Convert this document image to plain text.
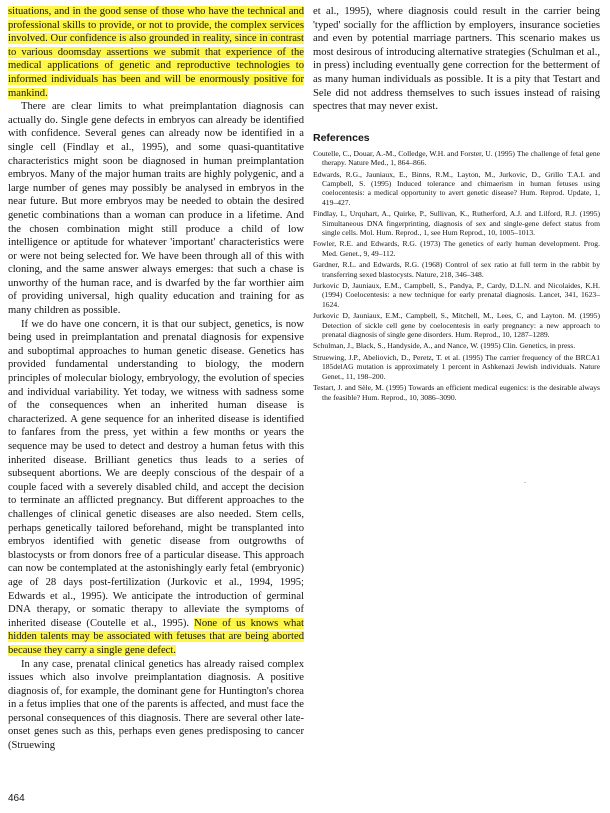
situations, and in the good sense of those who have the technical and professional skills to provide, or not to provide, the complex services involved. Our confidence is also grounded in reality, since in contrast to various doomsday assertions we submit that experience of the medical applications of genetic and reproductive technologies to informed individuals has been and will be enormously positive for mankind.

There are clear limits to what preimplantation diagnosis can actually do. Single gene defects in embryos can already be identified with confidence. Several genes can already now be identified in a single cell (Findlay et al., 1995), and some quasi-quantitative characteristics might soon be diagnosed in human preimplantation embryos. Many of the major human traits are highly polygenic, and a large number of genes may possibly be analysed in embryos in the near future. But more embryos may be needed to obtain the desired genetic combinations than a woman can produce in a lifetime. And the chosen combination might still produce a child of low intelligence or aptitude for whatever 'important' characteristics were or were not being selected for. We have been through all of this with cloning, and the same answer always emerges: that such a chase is unworthy of the human race, and is dwarfed by the far worthier aim of providing universal, high quality education and training for as many children as possible.

If we do have one concern, it is that our subject, genetics, is now being used in preimplantation and prenatal diagnosis for expensive and suboptimal approaches to human genetic disease. Genetics has provided fundamental understanding to biology, the modern principles of molecular biology, embryology, the evolution of species and individual variability. Yet today, we witness with sadness some of the consequences when an inherited human disease is characterized. A gene sequence for an inherited disease is identified to fanfares from the press, yet within a few months or years the sequence may be used to detect and destroy a human fetus with this inherited disease. Brilliant genetics thus leads to a series of subsequent abortions. We are deeply conscious of the despair of a couple faced with a severely disabled child, and accept the decision to terminate an afflicted pregnancy. But different approaches to the challenges of clinical genetic diseases are also needed. Stem cells, perhaps genetically tailored beforehand, might be transplanted into embryos identified with genetic disease from outgrowths of blastocysts or from donors free of a particular disease. This approach can now be contemplated at the astonishingly early fetal (embryonic) age of 28 days post-fertilization (Jurkovic et al., 1994, 1995; Edwards et al., 1995). We anticipate the introduction of germinal DNA therapy, or somatic therapy to alleviate the symptoms of inherited disease (Coutelle et al., 1995). None of us knows what hidden talents may be associated with fetuses that are being aborted because they carry a single gene defect.

In any case, prenatal clinical genetics has already raised complex issues which also involve preimplantation diagnosis. A positive diagnosis of, for example, the dominant gene for Huntington's chorea in a fetus implies that one of the parents is affected, and must face the personal consequences of this diagnosis. There are several other late-onset genes such as this, perhaps even genes predisposing to cancer (Struewing

et al., 1995), where diagnosis could result in the carrier being 'typed' socially for the affliction by employers, insurance societies and even by potential marriage partners. This scenario makes us most desirous of introducing alternative strategies (Schulman et al., in press) including eventually gene correction for the betterment of as many human individuals as possible. It is a pity that Testart and Sele did not address themselves to such issues instead of raising spectres that may never exist.

References

Coutelle, C., Douar, A.-M., Colledge, W.H. and Forster, U. (1995) The challenge of fetal gene therapy. Nature Med., 1, 864–866.

Edwards, R.G., Jauniaux, E., Binns, R.M., Layton, M., Jurkovic, D., Grillo T.A.I. and Campbell, S. (1995) Induced tolerance and chimaerism in human fetuses using coelocentesis: a medical opportunity to avert genetic disease? Hum. Reprod. Update, 1, 419–427.

Findlay, I., Urquhart, A., Quirke, P., Sullivan, K., Rutherford, A.J. and Lilford, R.J. (1995) Simultaneous DNA fingerprinting, diagnosis of sex and single-gene defect status from single cells. Mol. Hum. Reprod., 1, see Hum Reprod., 10, 1005–1013.

Fowler, R.E. and Edwards, R.G. (1973) The genetics of early human development. Prog. Med. Genet., 9, 49–112.

Gardner, R.L. and Edwards, R.G. (1968) Control of sex ratio at full term in the rabbit by transferring sexed blastocysts. Nature, 218, 346–348.

Jurkovic D, Jauniaux, E.M., Campbell, S., Pandya, P., Cardy, D.L.N. and Nicolaides, K.H. (1994) Coelocentesis: a new technique for early prenatal diagnosis. Lancet, 341, 1623–1624.

Jurkovic D, Jauniaux, E.M., Campbell, S., Mitchell, M., Lees, C, and Layton. M. (1995) Detection of sickle cell gene by coelocentesis in early pregnancy: a new approach to prenatal diagnosis of single gene disorders. Hum. Reprod., 10, 1287–1289.

Schulman, J., Black, S., Handyside, A., and Nance, W. (1995) Clin. Genetics, in press.

Struewing, J.P., Abeliovich, D., Peretz, T. et al. (1995) The carrier frequency of the BRCA1 185delAG mutation is approximately 1 percent in Ashkenazi Jewish individuals. Nature Genet., 11, 198–200.

Testart, J. and Sèle, M. (1995) Towards an efficient medical eugenics: is the desirable always the feasible? Hum. Reprod., 10, 3086–3090.

.
464
